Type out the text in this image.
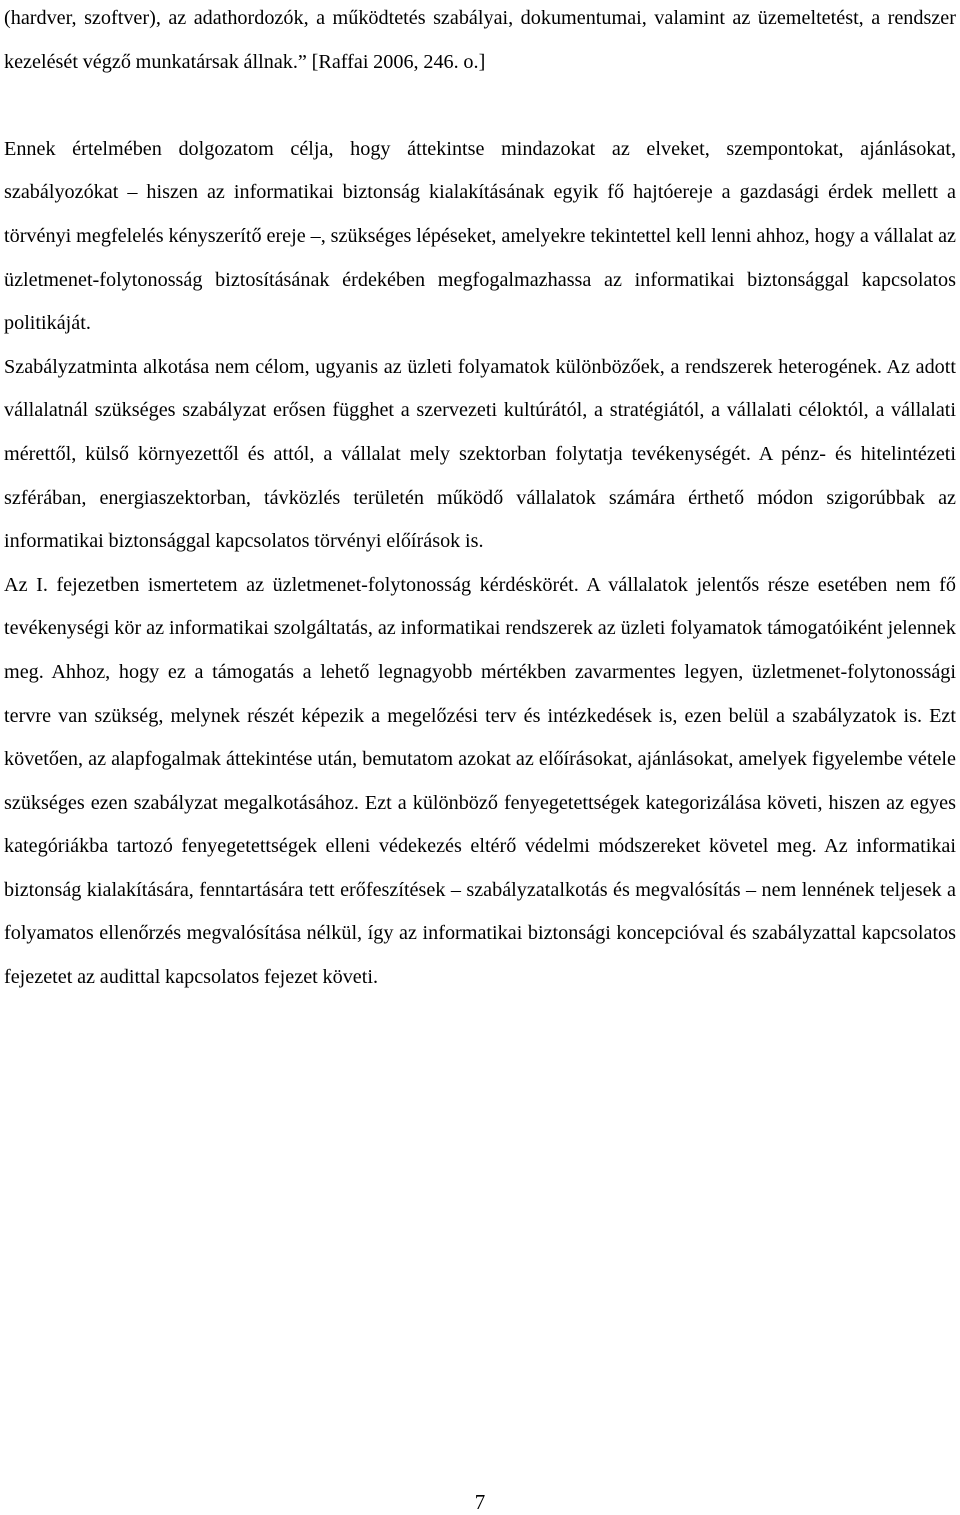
(hardver, szoftver), az adathordozók, a működtetés szabályai, dokumentumai, valamint az üzemeltetést, a rendszer kezelését végző munkatársak állnak.” [Raffai 2006, 246. o.]

Ennek értelmében dolgozatom célja, hogy áttekintse mindazokat az elveket, szempontokat, ajánlásokat, szabályozókat – hiszen az informatikai biztonság kialakításának egyik fő hajtóereje a gazdasági érdek mellett a törvényi megfelelés kényszerítő ereje –, szükséges lépéseket, amelyekre tekintettel kell lenni ahhoz, hogy a vállalat az üzletmenet-folytonosság biztosításának érdekében megfogalmazhassa az informatikai biztonsággal kapcsolatos politikáját.

Szabályzatminta alkotása nem célom, ugyanis az üzleti folyamatok különbözőek, a rendszerek heterogének. Az adott vállalatnál szükséges szabályzat erősen függhet a szervezeti kultúrától, a stratégiától, a vállalati céloktól, a vállalati mérettől, külső környezettől és attól, a vállalat mely szektorban folytatja tevékenységét. A pénz- és hitelintézeti szférában, energiaszektorban, távközlés területén működő vállalatok számára érthető módon szigorúbbak az informatikai biztonsággal kapcsolatos törvényi előírások is.

Az I. fejezetben ismertetem az üzletmenet-folytonosság kérdéskörét. A vállalatok jelentős része esetében nem fő tevékenységi kör az informatikai szolgáltatás, az informatikai rendszerek az üzleti folyamatok támogatóiként jelennek meg. Ahhoz, hogy ez a támogatás a lehető legnagyobb mértékben zavarmentes legyen, üzletmenet-folytonossági tervre van szükség, melynek részét képezik a megelőzési terv és intézkedések is, ezen belül a szabályzatok is. Ezt követően, az alapfogalmak áttekintése után, bemutatom azokat az előírásokat, ajánlásokat, amelyek figyelembe vétele szükséges ezen szabályzat megalkotásához. Ezt a különböző fenyegetettségek kategorizálása követi, hiszen az egyes kategóriákba tartozó fenyegetettségek elleni védekezés eltérő védelmi módszereket követel meg. Az informatikai biztonság kialakítására, fenntartására tett erőfeszítések – szabályzatalkotás és megvalósítás – nem lennének teljesek a folyamatos ellenőrzés megvalósítása nélkül, így az informatikai biztonsági koncepcióval és szabályzattal kapcsolatos fejezetet az audittal kapcsolatos fejezet követi.

7
